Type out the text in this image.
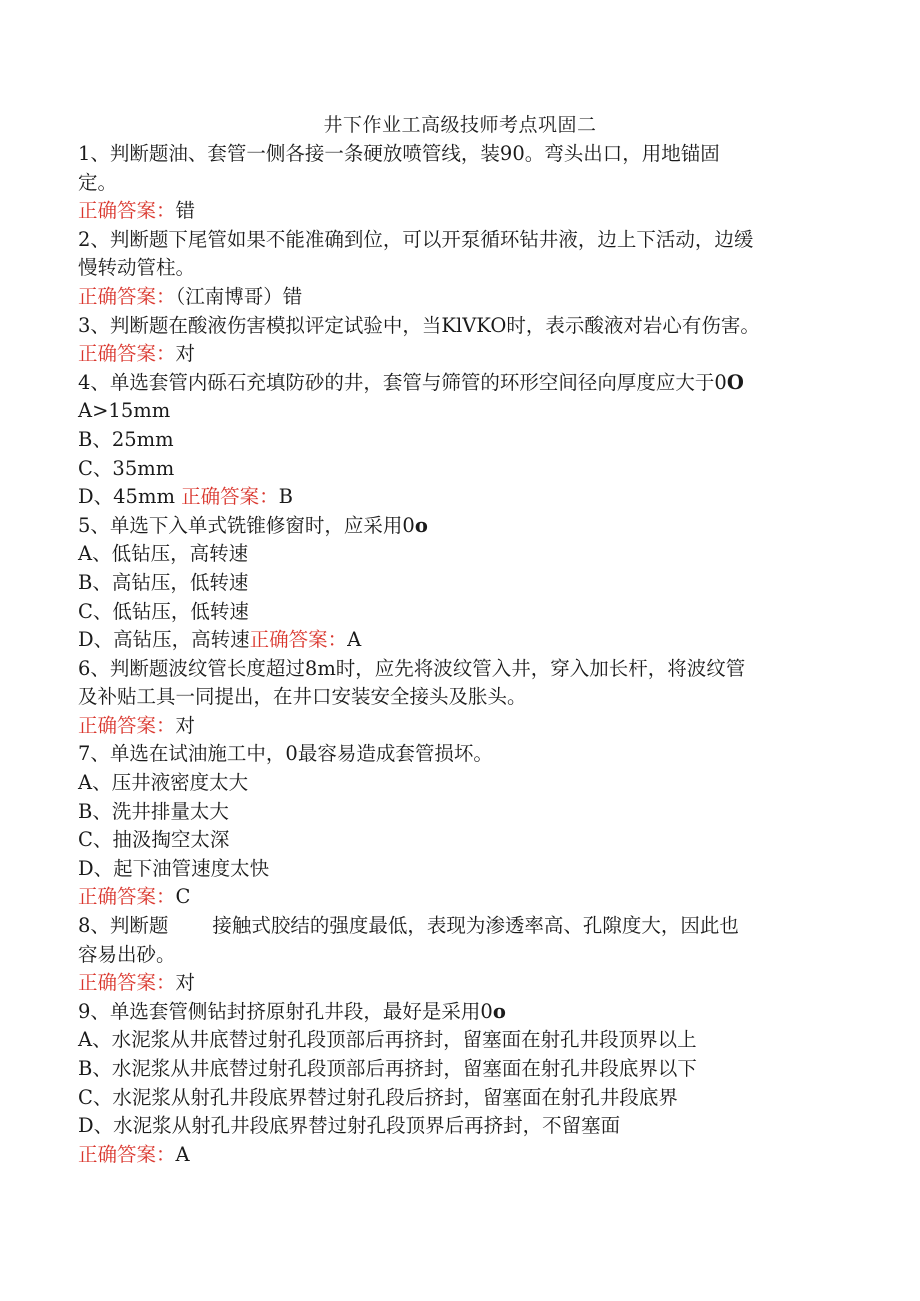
井下作业工高级技师考点巩固二
1、判断题油、套管一侧各接一条硬放喷管线，装90。弯头出口，用地锚固
定。
正确答案：错
2、判断题下尾管如果不能准确到位，可以开泵循环钻井液，边上下活动，边缓
慢转动管柱。
正确答案：（江南博哥）错
3、判断题在酸液伤害模拟评定试验中，当KlVKO时，表示酸液对岩心有伤害。
正确答案：对
4、单选套管内砾石充填防砂的井，套管与筛管的环形空间径向厚度应大于0O
A>15mm
B、25mm
C、35mm
D、45mm 正确答案：B
5、单选下入单式铣锥修窗时，应采用0o
A、低钻压，高转速
B、高钻压，低转速
C、低钻压，低转速
D、高钻压，高转速正确答案：A
6、判断题波纹管长度超过8m时，应先将波纹管入井，穿入加长杆，将波纹管
及补贴工具一同提出，在井口安装安全接头及胀头。
正确答案：对
7、单选在试油施工中，0最容易造成套管损坏。
A、压井液密度太大
B、洗井排量太大
C、抽汲掏空太深
D、起下油管速度太快
正确答案：C
8、判断题 接触式胶结的强度最低，表现为渗透率高、孔隙度大，因此也
容易出砂。
正确答案：对
9、单选套管侧钻封挤原射孔井段，最好是采用0o
A、水泥浆从井底替过射孔段顶部后再挤封，留塞面在射孔井段顶界以上
B、水泥浆从井底替过射孔段顶部后再挤封，留塞面在射孔井段底界以下
C、水泥浆从射孔井段底界替过射孔段后挤封，留塞面在射孔井段底界
D、水泥浆从射孔井段底界替过射孔段顶界后再挤封，不留塞面
正确答案：A
